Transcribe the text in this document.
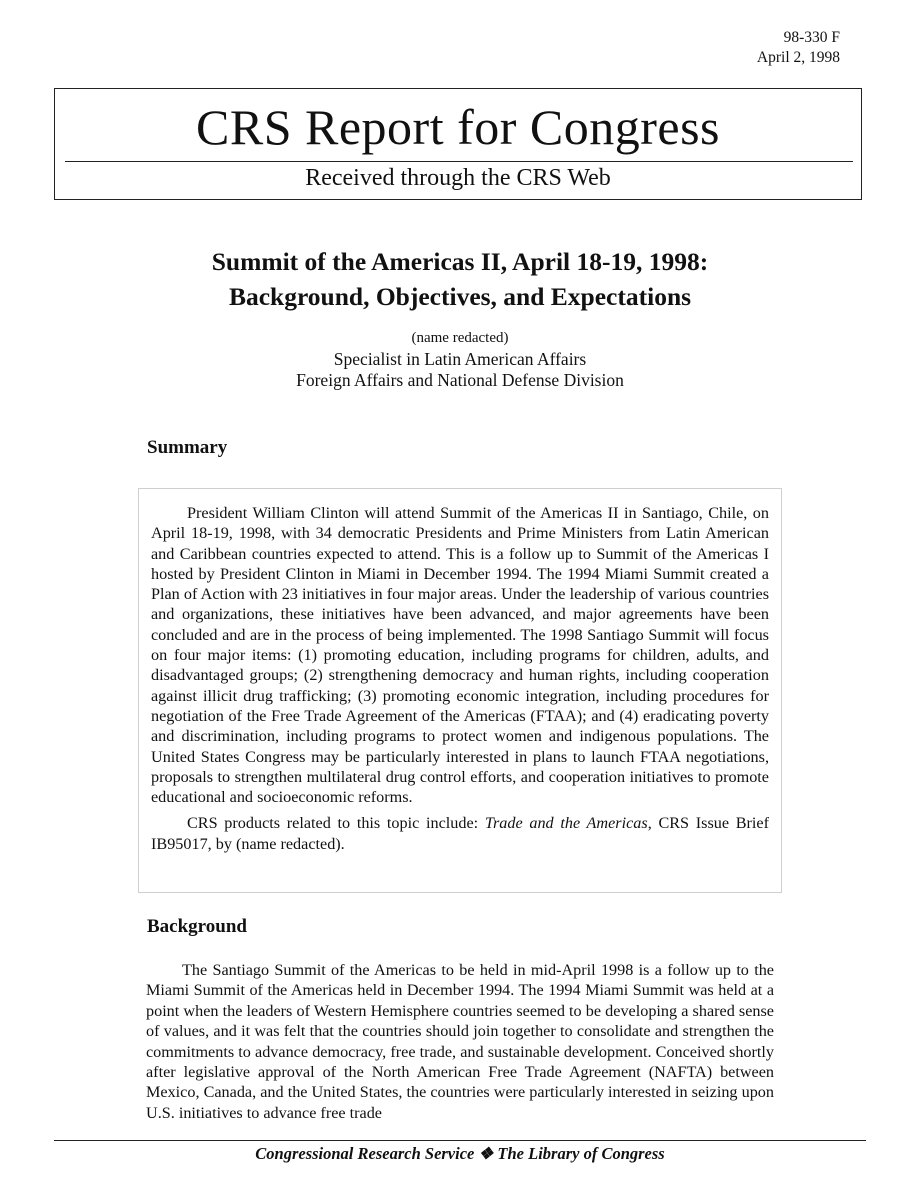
98-330 F
April 2, 1998
CRS Report for Congress
Received through the CRS Web
Summit of the Americas II, April 18-19, 1998:
Background, Objectives, and Expectations
(name redacted)
Specialist in Latin American Affairs
Foreign Affairs and National Defense Division
Summary

President William Clinton will attend Summit of the Americas II in Santiago, Chile, on April 18-19, 1998, with 34 democratic Presidents and Prime Ministers from Latin American and Caribbean countries expected to attend. This is a follow up to Summit of the Americas I hosted by President Clinton in Miami in December 1994. The 1994 Miami Summit created a Plan of Action with 23 initiatives in four major areas. Under the leadership of various countries and organizations, these initiatives have been advanced, and major agreements have been concluded and are in the process of being implemented. The 1998 Santiago Summit will focus on four major items: (1) promoting education, including programs for children, adults, and disadvantaged groups; (2) strengthening democracy and human rights, including cooperation against illicit drug trafficking; (3) promoting economic integration, including procedures for negotiation of the Free Trade Agreement of the Americas (FTAA); and (4) eradicating poverty and discrimination, including programs to protect women and indigenous populations. The United States Congress may be particularly interested in plans to launch FTAA negotiations, proposals to strengthen multilateral drug control efforts, and cooperation initiatives to promote educational and socioeconomic reforms.

CRS products related to this topic include: Trade and the Americas, CRS Issue Brief IB95017, by (name redacted).

Background

The Santiago Summit of the Americas to be held in mid-April 1998 is a follow up to the Miami Summit of the Americas held in December 1994. The 1994 Miami Summit was held at a point when the leaders of Western Hemisphere countries seemed to be developing a shared sense of values, and it was felt that the countries should join together to consolidate and strengthen the commitments to advance democracy, free trade, and sustainable development. Conceived shortly after legislative approval of the North American Free Trade Agreement (NAFTA) between Mexico, Canada, and the United States, the countries were particularly interested in seizing upon U.S. initiatives to advance free trade

Congressional Research Service ❖ The Library of Congress
